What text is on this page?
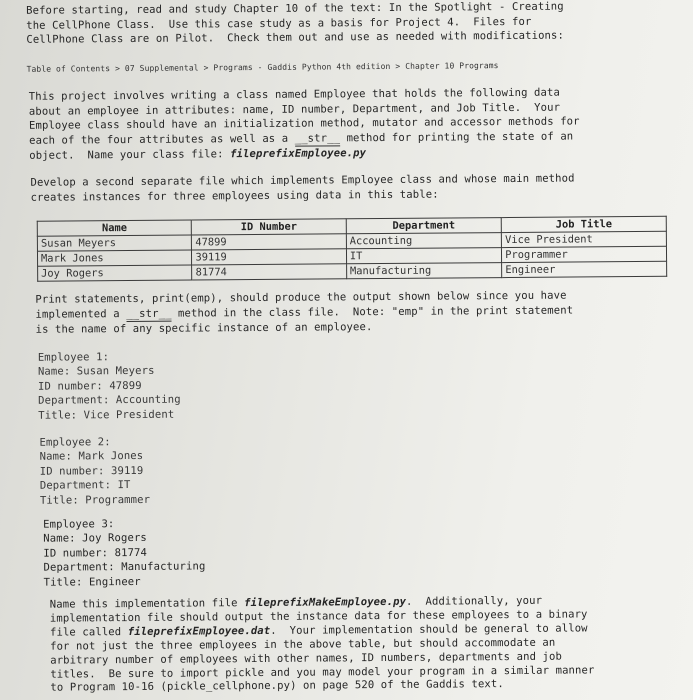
Before starting, read and study Chapter 10 of the text: In the Spotlight - Creating
the CellPhone Class.  Use this case study as a basis for Project 4.  Files for
CellPhone Class are on Pilot.  Check them out and use as needed with modifications:
Table of Contents > 07 Supplemental > Programs - Gaddis Python 4th edition > Chapter 10 Programs
This project involves writing a class named Employee that holds the following data
about an employee in attributes: name, ID number, Department, and Job Title.  Your
Employee class should have an initialization method, mutator and accessor methods for
each of the four attributes as well as a __str__ method for printing the state of an
object.  Name your class file: fileprefixEmployee.py
Develop a second separate file which implements Employee class and whose main method
creates instances for three employees using data in this table:
Name	ID Number	Department	Job Title
Susan Meyers	47899	Accounting	Vice President
Mark Jones	39119	IT	Programmer
Joy Rogers	81774	Manufacturing	Engineer
Print statements, print(emp), should produce the output shown below since you have
implemented a __str__ method in the class file.  Note: "emp" in the print statement
is the name of any specific instance of an employee.
Employee 1:
Name: Susan Meyers
ID number: 47899
Department: Accounting
Title: Vice President
Employee 2:
Name: Mark Jones
ID number: 39119
Department: IT
Title: Programmer
Employee 3:
Name: Joy Rogers
ID number: 81774
Department: Manufacturing
Title: Engineer
Name this implementation file fileprefixMakeEmployee.py.  Additionally, your
implementation file should output the instance data for these employees to a binary
file called fileprefixEmployee.dat.  Your implementation should be general to allow
for not just the three employees in the above table, but should accommodate an
arbitrary number of employees with other names, ID numbers, departments and job
titles.  Be sure to import pickle and you may model your program in a similar manner
to Program 10-16 (pickle_cellphone.py) on page 520 of the Gaddis text.
